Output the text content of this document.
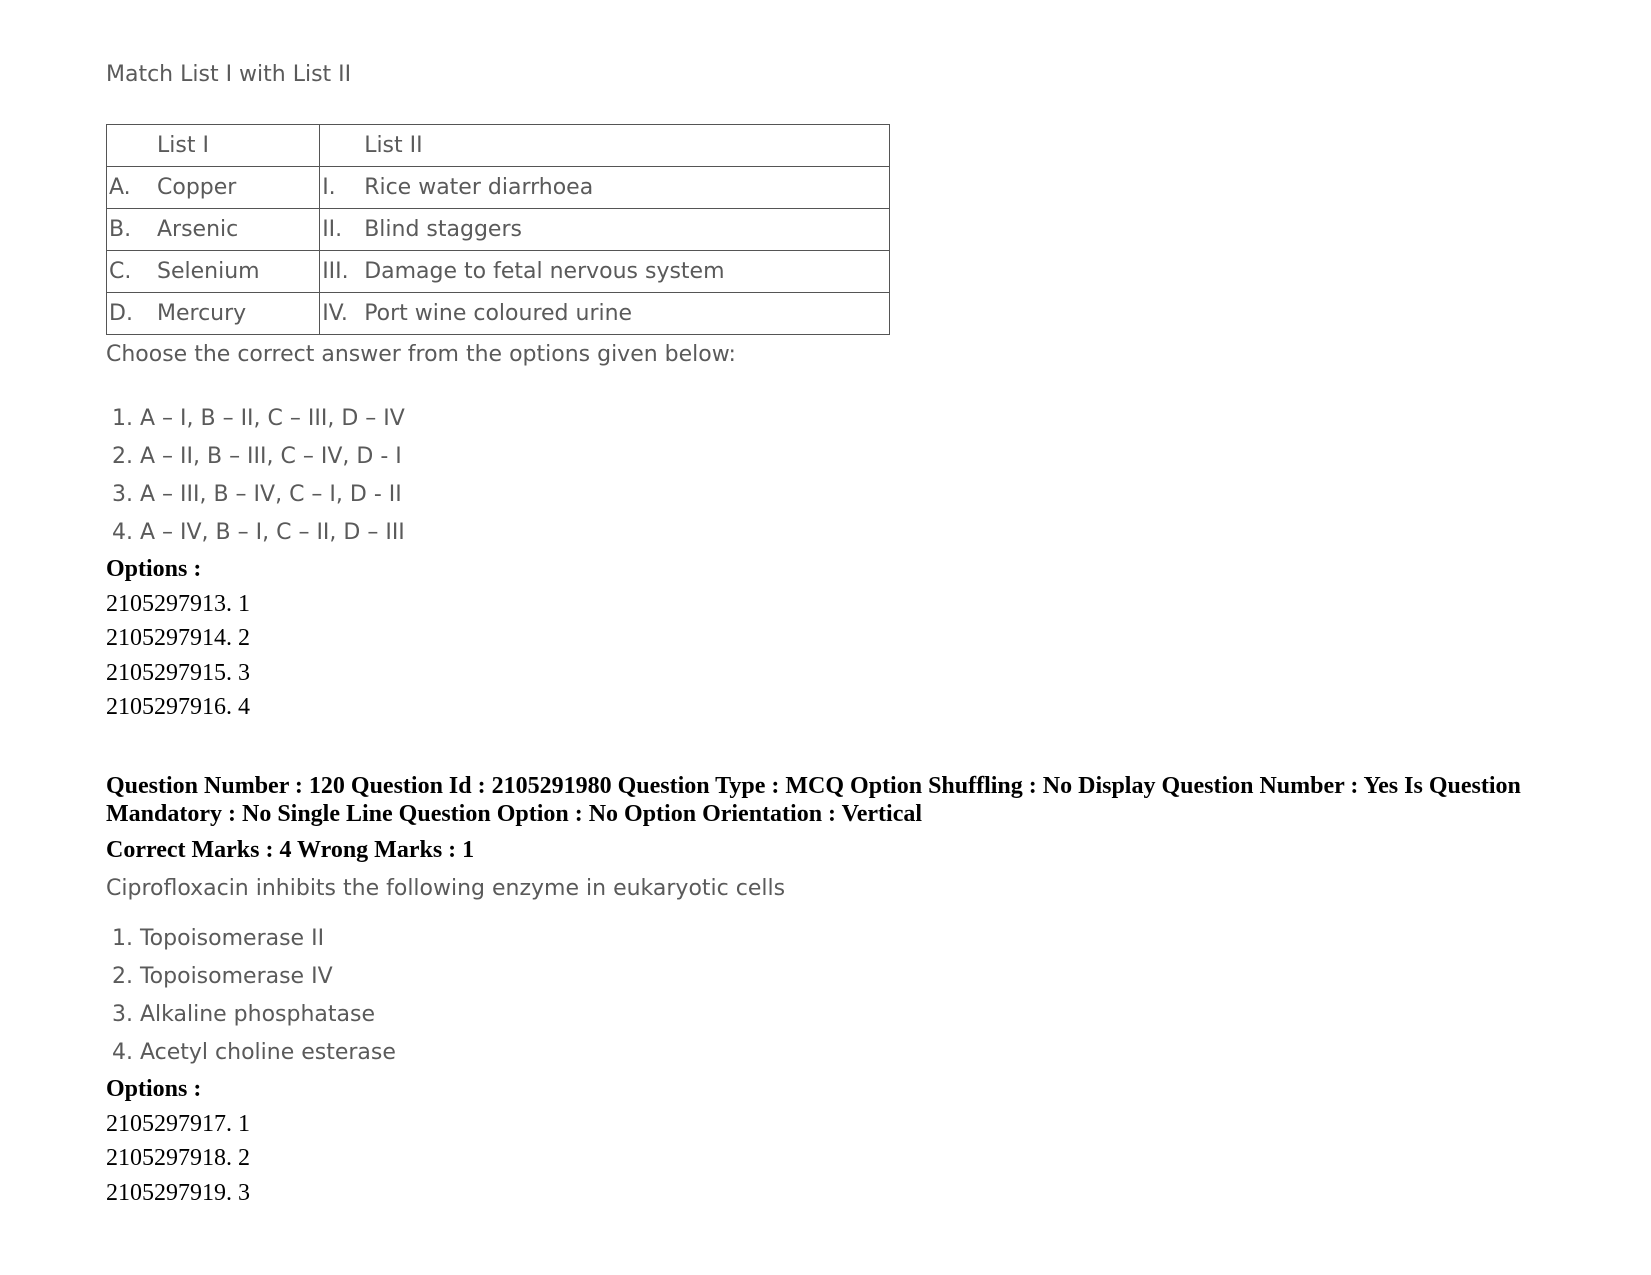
Match List I with List II
List I	List II
A. Copper	I. Rice water diarrhoea
B. Arsenic	II. Blind staggers
C. Selenium	III. Damage to fetal nervous system
D. Mercury	IV. Port wine coloured urine
Choose the correct answer from the options given below:
1. A – I, B – II, C – III, D – IV
2. A – II, B – III, C – IV, D - I
3. A – III, B – IV, C – I, D - II
4. A – IV, B – I, C – II, D – III
Options :
2105297913. 1
2105297914. 2
2105297915. 3
2105297916. 4
Question Number : 120 Question Id : 2105291980 Question Type : MCQ Option Shuffling : No Display Question Number : Yes Is Question Mandatory : No Single Line Question Option : No Option Orientation : Vertical
Correct Marks : 4 Wrong Marks : 1
Ciprofloxacin inhibits the following enzyme in eukaryotic cells
1. Topoisomerase II
2. Topoisomerase IV
3. Alkaline phosphatase
4. Acetyl choline esterase
Options :
2105297917. 1
2105297918. 2
2105297919. 3
